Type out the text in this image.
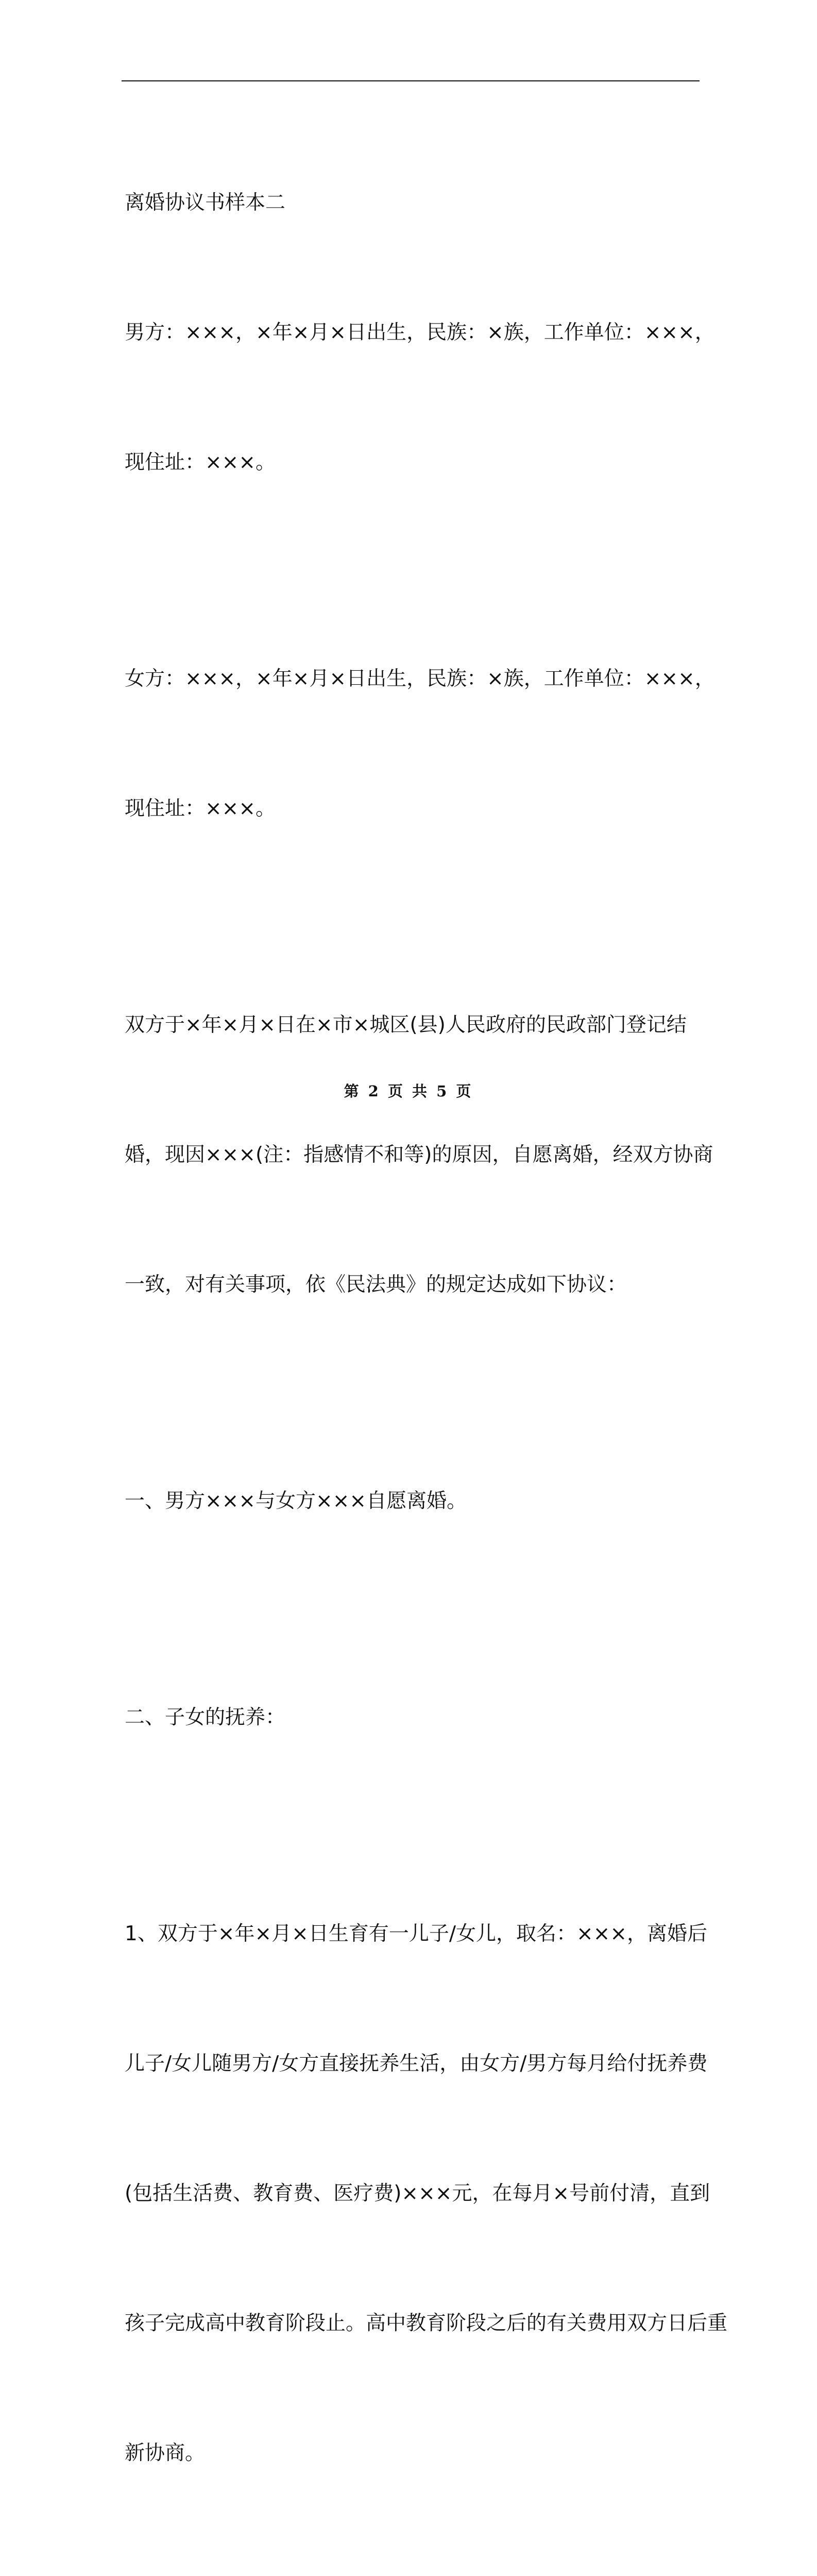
离婚协议书样本二

男方：×××，×年×月×日出生，民族：×族，工作单位：×××，

现住址：×××。

女方：×××，×年×月×日出生，民族：×族，工作单位：×××，

现住址：×××。

双方于×年×月×日在×市×城区(县)人民政府的民政部门登记结

婚，现因×××(注：指感情不和等)的原因，自愿离婚，经双方协商

一致，对有关事项，依《民法典》的规定达成如下协议：

一、男方×××与女方×××自愿离婚。

二、子女的抚养：

1、双方于×年×月×日生育有一儿子/女儿，取名：×××，离婚后

儿子/女儿随男方/女方直接抚养生活，由女方/男方每月给付抚养费

(包括生活费、教育费、医疗费)×××元，在每月×号前付清，直到

孩子完成高中教育阶段止。高中教育阶段之后的有关费用双方日后重

新协商。

第 2 页 共 5 页
